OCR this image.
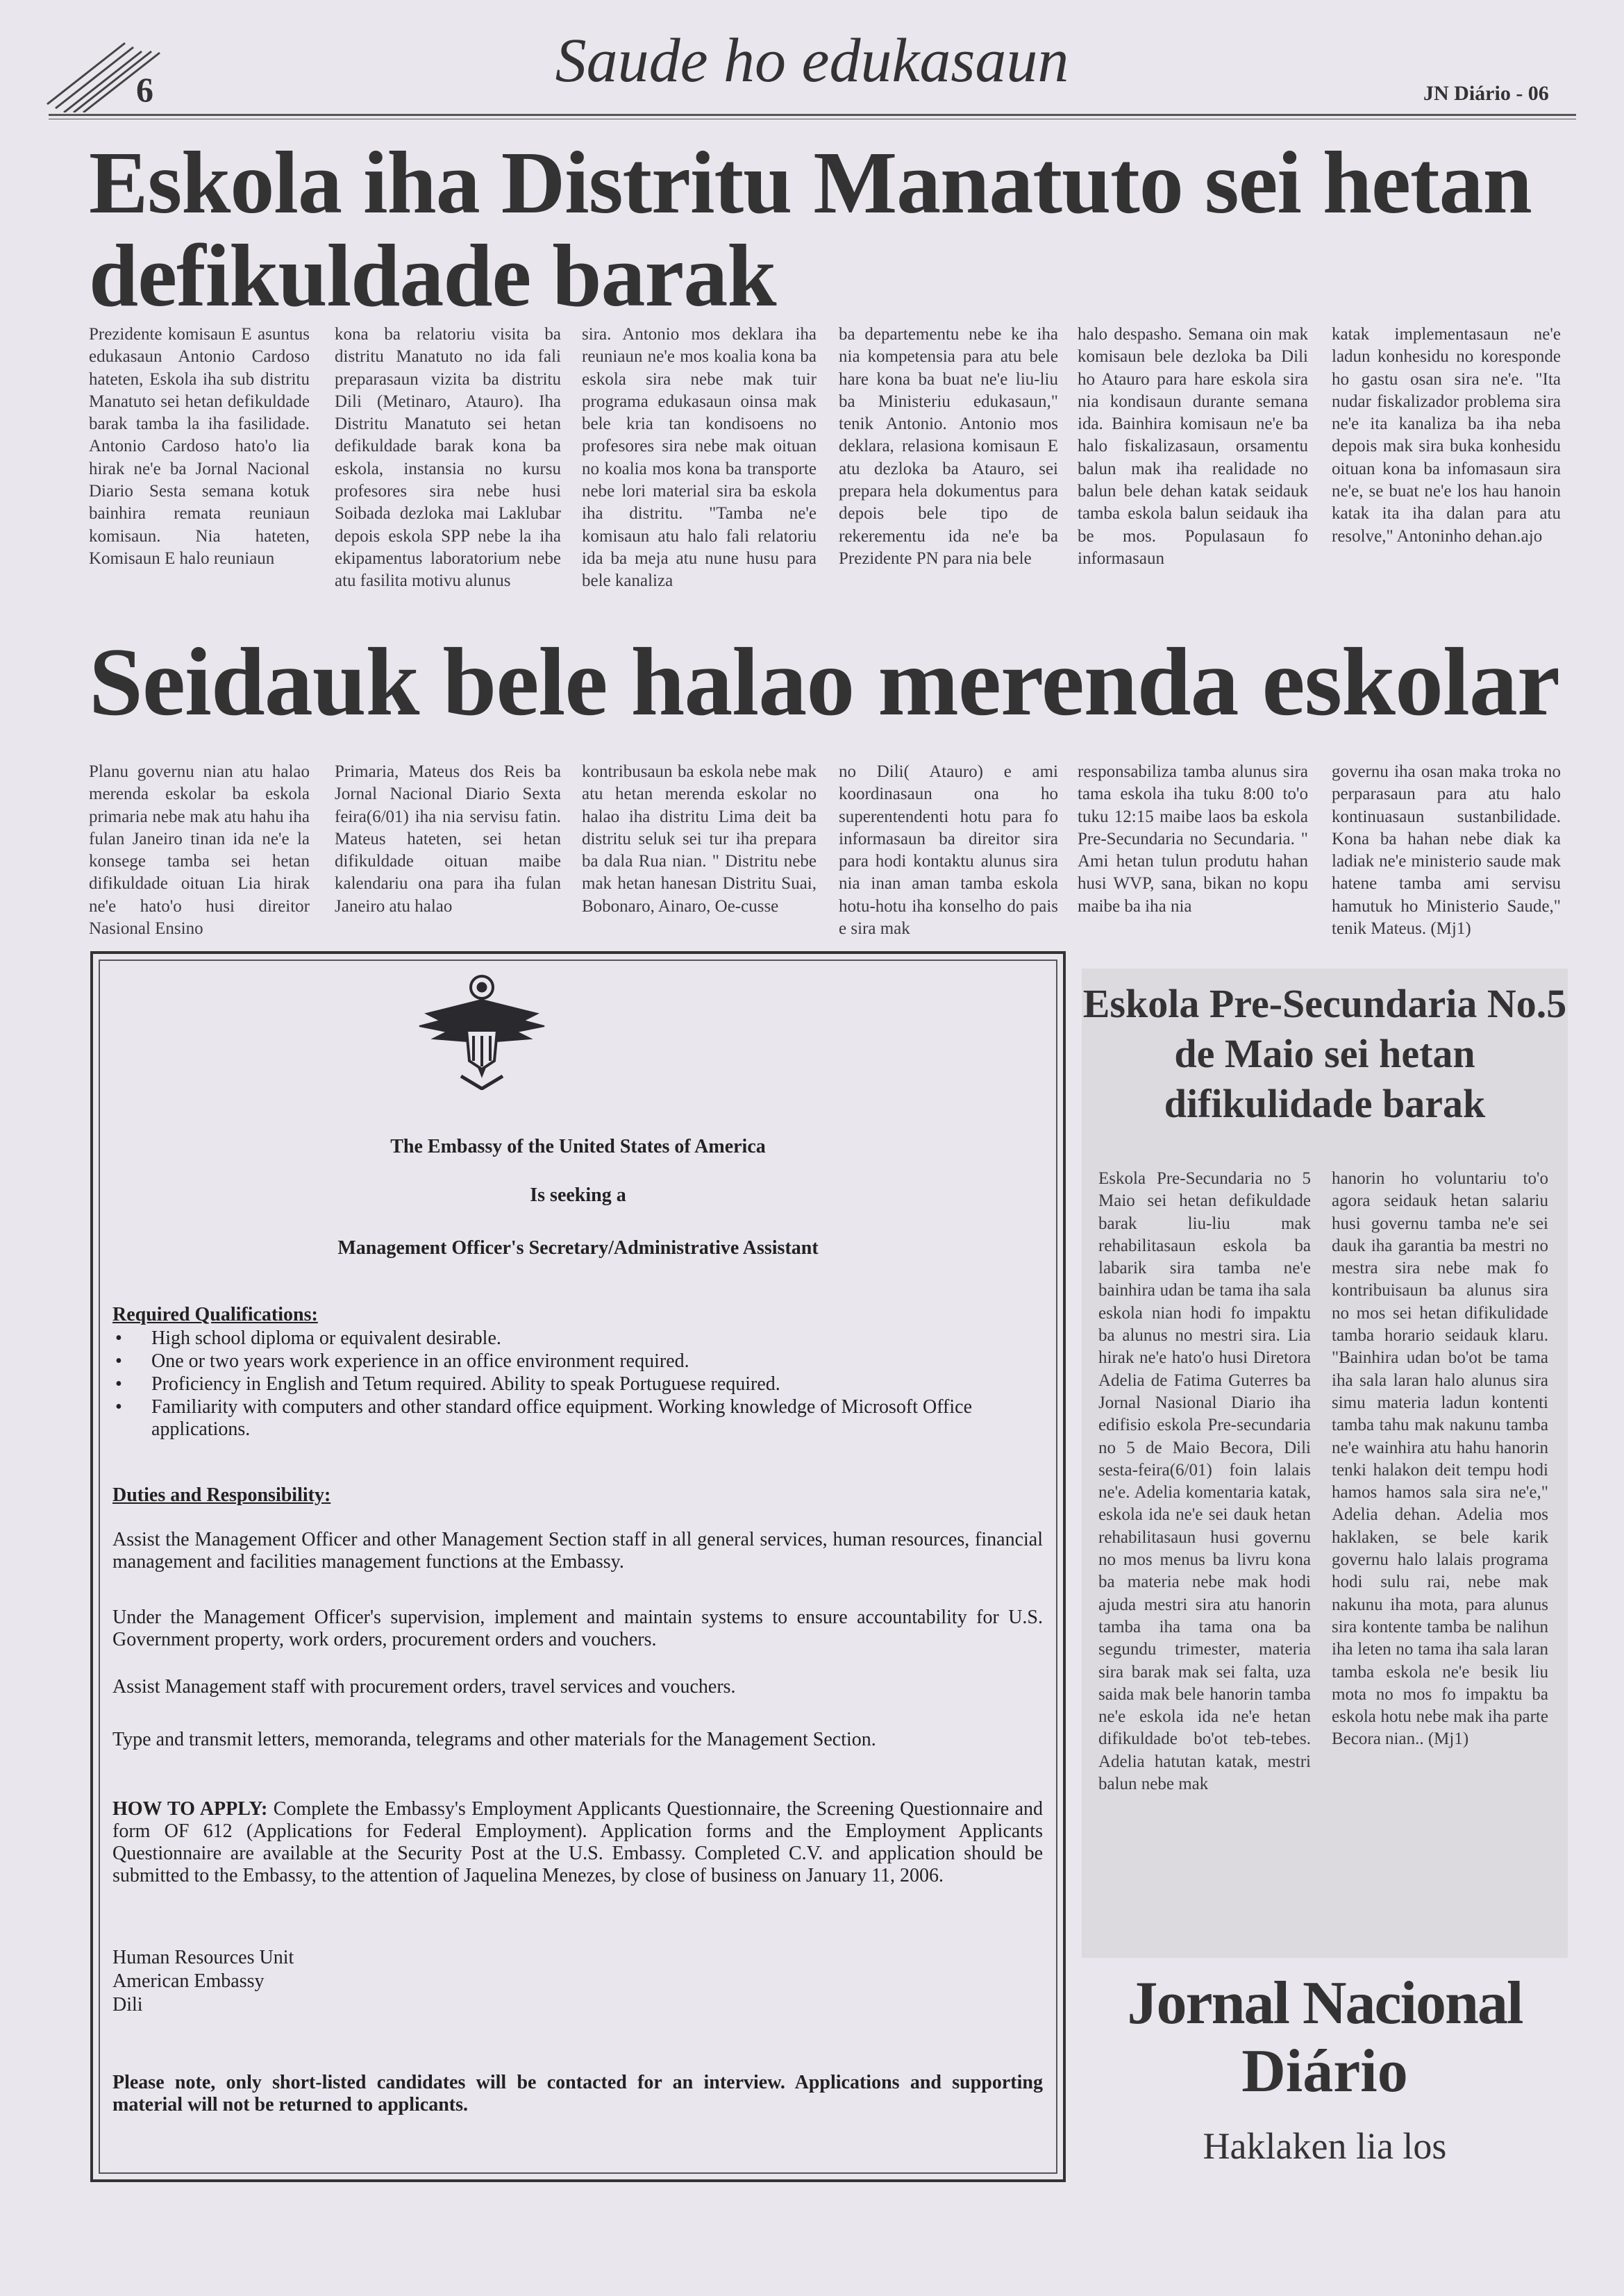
6	Saude ho edukasaun	JN Diário - 06
Eskola iha Distritu Manatuto sei hetan defikuldade barak
Prezidente komisaun E asuntus edukasaun Antonio Cardoso hateten, Eskola iha sub distritu Manatuto sei hetan defikuldade barak tamba la iha fasilidade. Antonio Cardoso hato'o lia hirak ne'e ba Jornal Nacional Diario Sesta semana kotuk bainhira remata reuniaun komisaun. Nia hateten, Komisaun E halo reuniaun
kona ba relatoriu visita ba distritu Manatuto no ida fali preparasaun vizita ba distritu Dili (Metinaro, Atauro). Iha Distritu Manatuto sei hetan defikuldade barak kona ba eskola, instansia no kursu profesores sira nebe husi Soibada dezloka mai Laklubar depois eskola SPP nebe la iha ekipamentus laboratorium nebe atu fasilita motivu alunus
sira. Antonio mos deklara iha reuniaun ne'e mos koalia kona ba eskola sira nebe mak tuir programa edukasaun oinsa mak bele kria tan kondisoens no profesores sira nebe mak oituan no koalia mos kona ba transporte nebe lori material sira ba eskola iha distritu. "Tamba ne'e komisaun atu halo fali relatoriu ida ba meja atu nune husu para bele kanaliza
ba departementu nebe ke iha nia kompetensia para atu bele hare kona ba buat ne'e liu-liu ba Ministeriu edukasaun," tenik Antonio. Antonio mos deklara, relasiona komisaun E atu dezloka ba Atauro, sei prepara hela dokumentus para depois bele tipo de rekerementu ida ne'e ba Prezidente PN para nia bele
halo despasho. Semana oin mak komisaun bele dezloka ba Dili ho Atauro para hare eskola sira nia kondisaun durante semana ida. Bainhira komisaun ne'e ba halo fiskalizasaun, orsamentu balun mak iha realidade no balun bele dehan katak seidauk tamba eskola balun seidauk iha be mos. Populasaun fo informasaun
katak implementasaun ne'e ladun konhesidu no koresponde ho gastu osan sira ne'e. "Ita nudar fiskalizador problema sira ne'e ita kanaliza ba iha neba depois mak sira buka konhesidu oituan kona ba infomasaun sira ne'e, se buat ne'e los hau hanoin katak ita iha dalan para atu resolve," Antoninho dehan.ajo
Seidauk bele halao merenda eskolar
Planu governu nian atu halao merenda eskolar ba eskola primaria nebe mak atu hahu iha fulan Janeiro tinan ida ne'e la konsege tamba sei hetan difikuldade oituan Lia hirak ne'e hato'o husi direitor Nasional Ensino
Primaria, Mateus dos Reis ba Jornal Nacional Diario Sexta feira(6/01) iha nia servisu fatin. Mateus hateten, sei hetan difikuldade oituan maibe kalendariu ona para iha fulan Janeiro atu halao
kontribusaun ba eskola nebe mak atu hetan merenda eskolar no halao iha distritu Lima deit ba distritu seluk sei tur iha prepara ba dala Rua nian. " Distritu nebe mak hetan hanesan Distritu Suai, Bobonaro, Ainaro, Oe-cusse
no Dili( Atauro) e ami koordinasaun ona ho superentendenti hotu para fo informasaun ba direitor sira para hodi kontaktu alunus sira nia inan aman tamba eskola hotu-hotu iha konselho do pais e sira mak
responsabiliza tamba alunus sira tama eskola iha tuku 8:00 to'o tuku 12:15 maibe laos ba eskola Pre-Secundaria no Secundaria. " Ami hetan tulun produtu hahan husi WVP, sana, bikan no kopu maibe ba iha nia
governu iha osan maka troka no perparasaun para atu halo kontinuasaun sustanbilidade. Kona ba hahan nebe diak ka ladiak ne'e ministerio saude mak hatene tamba ami servisu hamutuk ho Ministerio Saude," tenik Mateus. (Mj1)
The Embassy of the United States of America
Is seeking a
Management Officer's Secretary/Administrative Assistant
Required Qualifications:
• High school diploma or equivalent desirable.
• One or two years work experience in an office environment required.
• Proficiency in English and Tetum required. Ability to speak Portuguese required.
• Familiarity with computers and other standard office equipment. Working knowledge of Microsoft Office applications.
Duties and Responsibility:
Assist the Management Officer and other Management Section staff in all general services, human resources, financial management and facilities management functions at the Embassy.
Under the Management Officer's supervision, implement and maintain systems to ensure accountability for U.S. Government property, work orders, procurement orders and vouchers.
Assist Management staff with procurement orders, travel services and vouchers.
Type and transmit letters, memoranda, telegrams and other materials for the Management Section.
HOW TO APPLY: Complete the Embassy's Employment Applicants Questionnaire, the Screening Questionnaire and form OF 612 (Applications for Federal Employment). Application forms and the Employment Applicants Questionnaire are available at the Security Post at the U.S. Embassy. Completed C.V. and application should be submitted to the Embassy, to the attention of Jaquelina Menezes, by close of business on January 11, 2006.
Human Resources Unit
American Embassy
Dili
Please note, only short-listed candidates will be contacted for an interview. Applications and supporting material will not be returned to applicants.
Eskola Pre-Secundaria No.5 de Maio sei hetan difikulidade barak
Eskola Pre-Secundaria no 5 Maio sei hetan defikuldade barak liu-liu mak rehabilitasaun eskola ba labarik sira tamba ne'e bainhira udan be tama iha sala eskola nian hodi fo impaktu ba alunus no mestri sira. Lia hirak ne'e hato'o husi Diretora Adelia de Fatima Guterres ba Jornal Nasional Diario iha edifisio eskola Pre-secundaria no 5 de Maio Becora, Dili sesta-feira(6/01) foin lalais ne'e. Adelia komentaria katak, eskola ida ne'e sei dauk hetan rehabilitasaun husi governu no mos menus ba livru kona ba materia nebe mak hodi ajuda mestri sira atu hanorin tamba iha tama ona ba segundu trimester, materia sira barak mak sei falta, uza saida mak bele hanorin tamba ne'e eskola ida ne'e hetan difikuldade bo'ot teb-tebes. Adelia hatutan katak, mestri balun nebe mak
hanorin ho voluntariu to'o agora seidauk hetan salariu husi governu tamba ne'e sei dauk iha garantia ba mestri no mestra sira nebe mak fo kontribuisaun ba alunus sira no mos sei hetan difikulidade tamba horario seidauk klaru. "Bainhira udan bo'ot be tama iha sala laran halo alunus sira simu materia ladun kontenti tamba tahu mak nakunu tamba ne'e wainhira atu hahu hanorin tenki halakon deit tempu hodi hamos hamos sala sira ne'e," Adelia dehan. Adelia mos haklaken, se bele karik governu halo lalais programa hodi sulu rai, nebe mak nakunu iha mota, para alunus sira kontente tamba be nalihun iha leten no tama iha sala laran tamba eskola ne'e besik liu mota no mos fo impaktu ba eskola hotu nebe mak iha parte Becora nian.. (Mj1)
Jornal Nacional
Diário
Haklaken lia los
